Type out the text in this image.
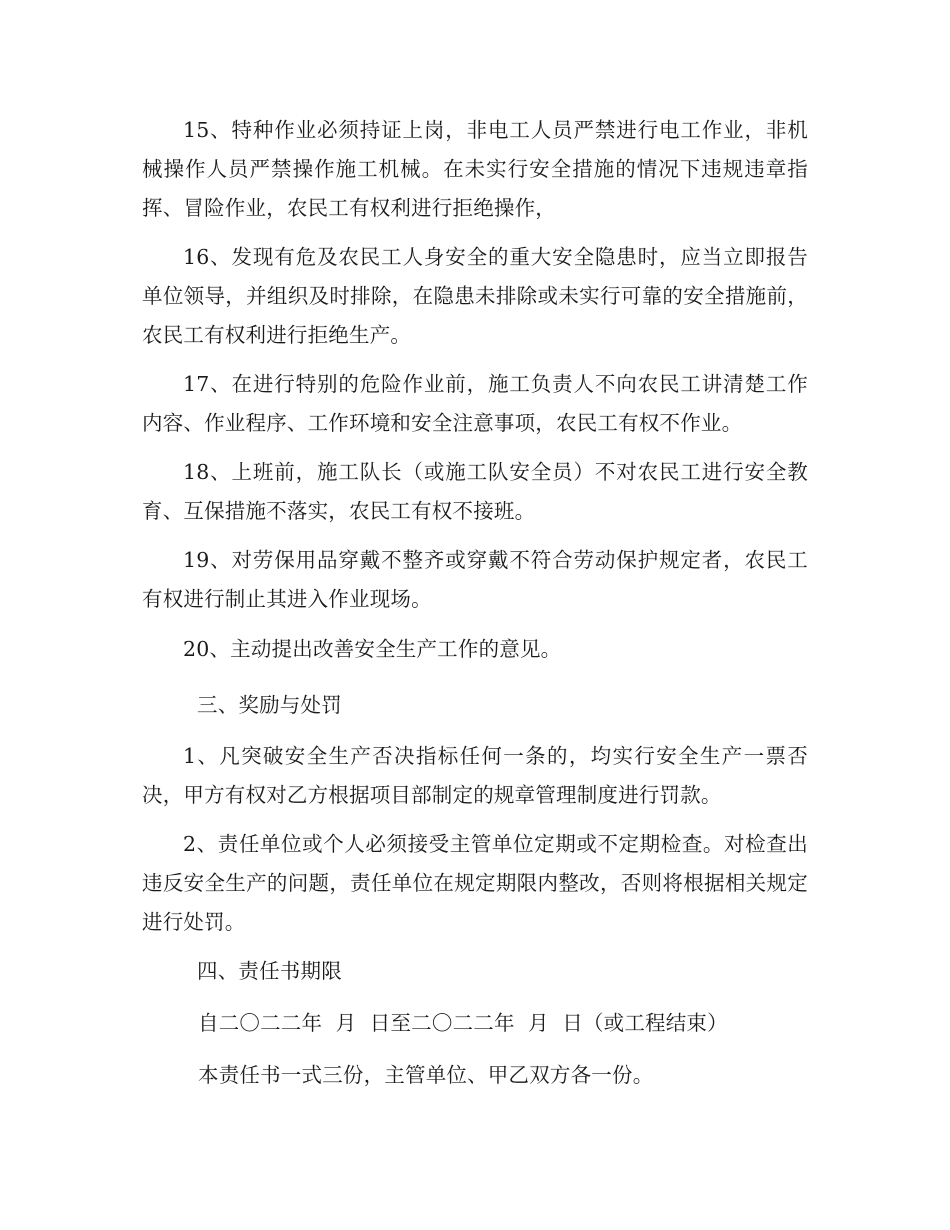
15、特种作业必须持证上岗，非电工人员严禁进行电工作业，非机械操作人员严禁操作施工机械。在未实行安全措施的情况下违规违章指挥、冒险作业，农民工有权利进行拒绝操作，

16、发现有危及农民工人身安全的重大安全隐患时，应当立即报告单位领导，并组织及时排除，在隐患未排除或未实行可靠的安全措施前，农民工有权利进行拒绝生产。

17、在进行特别的危险作业前，施工负责人不向农民工讲清楚工作内容、作业程序、工作环境和安全注意事项，农民工有权不作业。

18、上班前，施工队长（或施工队安全员）不对农民工进行安全教育、互保措施不落实，农民工有权不接班。

19、对劳保用品穿戴不整齐或穿戴不符合劳动保护规定者，农民工有权进行制止其进入作业现场。

20、主动提出改善安全生产工作的意见。

三、奖励与处罚

1、凡突破安全生产否决指标任何一条的，均实行安全生产一票否决，甲方有权对乙方根据项目部制定的规章管理制度进行罚款。

2、责任单位或个人必须接受主管单位定期或不定期检查。对检查出违反安全生产的问题，责任单位在规定期限内整改，否则将根据相关规定进行处罚。

四、责任书期限

自二〇二二年  月  日至二〇二二年  月  日（或工程结束）

本责任书一式三份，主管单位、甲乙双方各一份。
